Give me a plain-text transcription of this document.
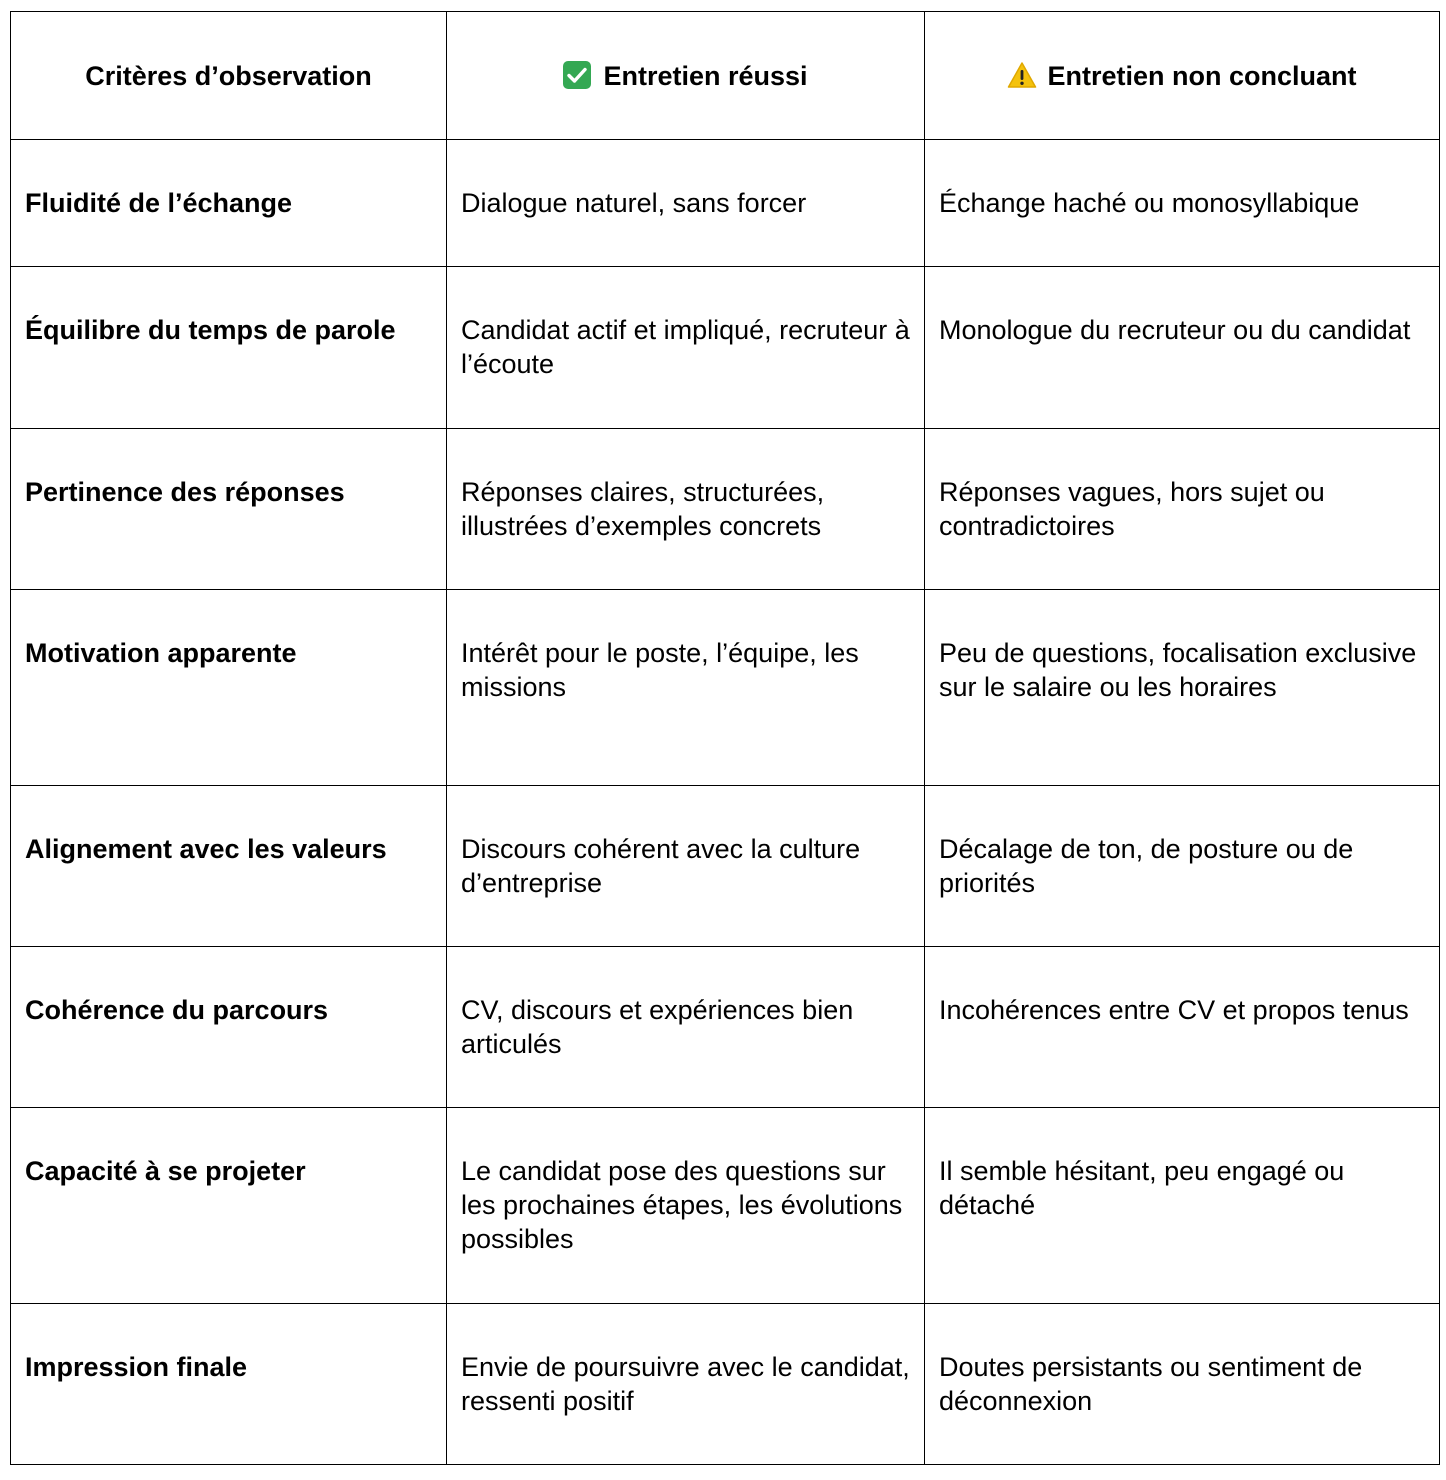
Critères d’observation	Entretien réussi	Entretien non concluant
Fluidité de l’échange	Dialogue naturel, sans forcer	Échange haché ou monosyllabique
Équilibre du temps de parole	Candidat actif et impliqué, recruteur à l’écoute	Monologue du recruteur ou du candidat
Pertinence des réponses	Réponses claires, structurées, illustrées d’exemples concrets	Réponses vagues, hors sujet ou contradictoires
Motivation apparente	Intérêt pour le poste, l’équipe, les missions	Peu de questions, focalisation exclusive sur le salaire ou les horaires
Alignement avec les valeurs	Discours cohérent avec la culture d’entreprise	Décalage de ton, de posture ou de priorités
Cohérence du parcours	CV, discours et expériences bien articulés	Incohérences entre CV et propos tenus
Capacité à se projeter	Le candidat pose des questions sur les prochaines étapes, les évolutions possibles	Il semble hésitant, peu engagé ou détaché
Impression finale	Envie de poursuivre avec le candidat, ressenti positif	Doutes persistants ou sentiment de déconnexion
